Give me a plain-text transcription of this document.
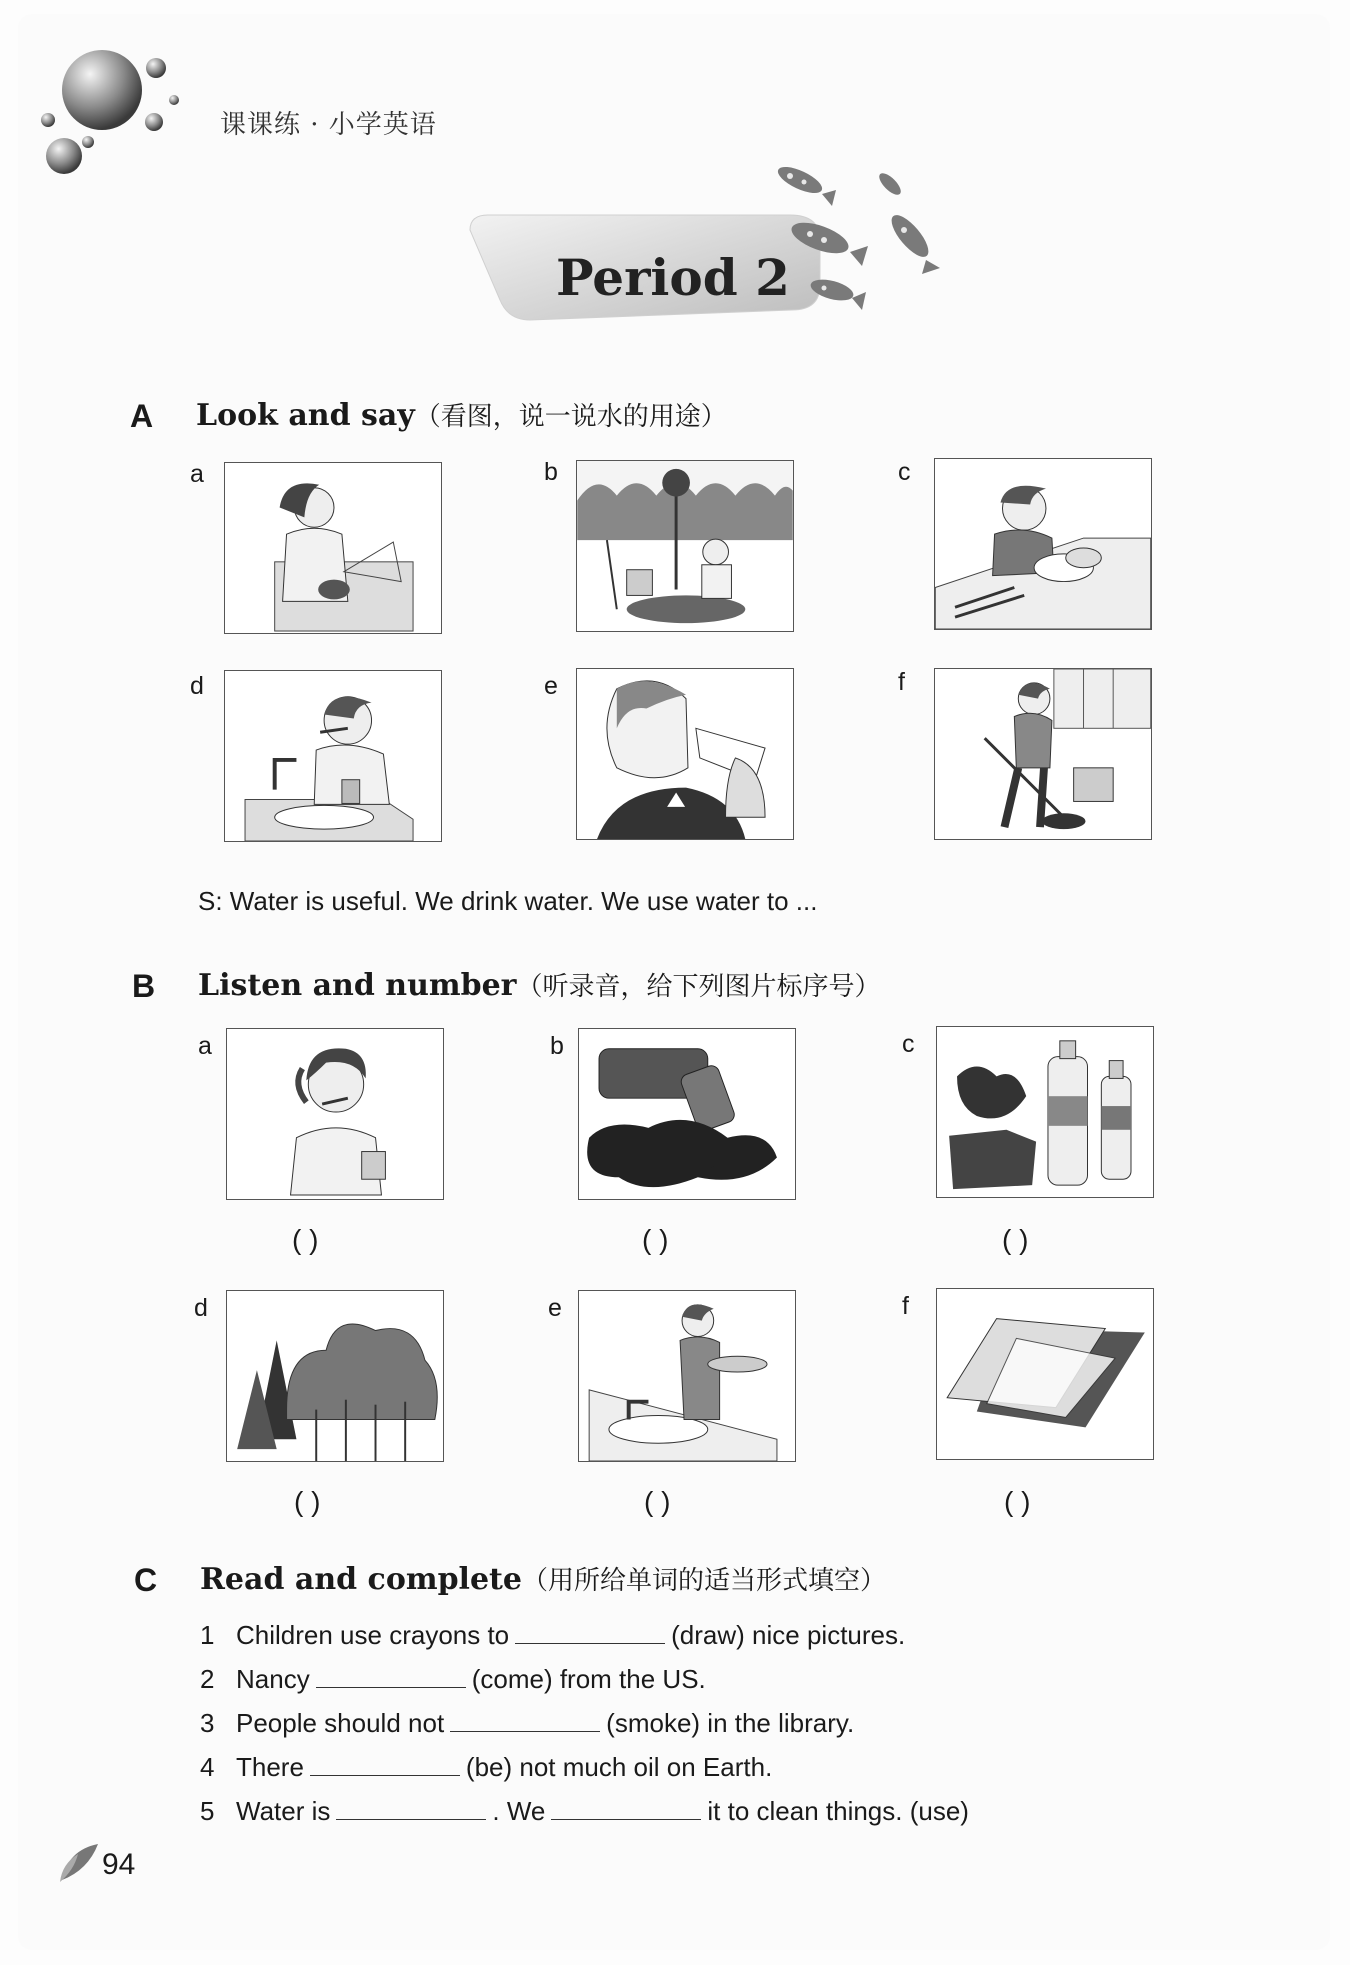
课课练 · 小学英语
Period 2
A Look and say（看图，说一说水的用途）
a	b	c
d	e	f
S: Water is useful. We drink water. We use water to ...
B Listen and number（听录音，给下列图片标序号）
a
( )
b
( )
c
( )
d
( )
e
( )
f
( )
C Read and complete（用所给单词的适当形式填空）
1 Children use crayons to	(draw) nice pictures.
2 Nancy	(come) from the US.
3 People should not	(smoke) in the library.
4 There	(be) not much oil on Earth.
5 Water is	. We	it to clean things. (use)
94
